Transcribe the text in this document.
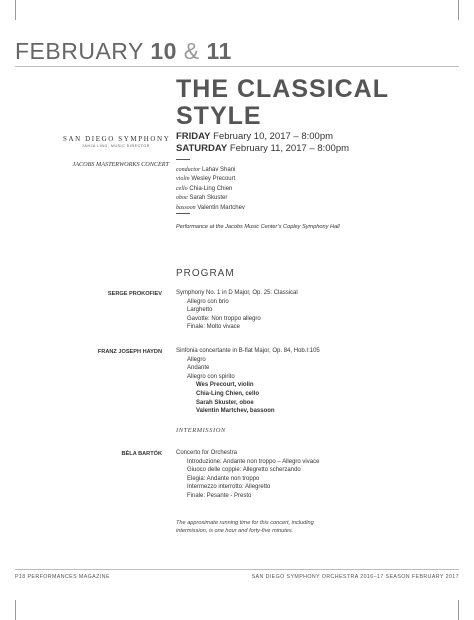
FEBRUARY 10 & 11
THE CLASSICAL
STYLE
SAN DIEGO SYMPHONY
JAHJA LING, MUSIC DIRECTOR
JACOBS MASTERWORKS CONCERT
FRIDAY February 10, 2017 – 8:00pm
SATURDAY February 11, 2017 – 8:00pm
conductor Lahav Shani
violin Wesley Precourt
cello Chia-Ling Chien
oboe Sarah Skuster
bassoon Valentin Martchev
Performance at the Jacobs Music Center’s Copley Symphony Hall
PROGRAM
SERGE PROKOFIEV Symphony No. 1 in D Major, Op. 25: Classical
Allegro con brio
Larghetto
Gavotte: Non troppo allegro
Finale: Molto vivace
FRANZ JOSEPH HAYDN Sinfonia concertante in B-flat Major, Op. 84, Hob.I:105
Allegro
Andante
Allegro con spirito
Wes Precourt, violin
Chia-Ling Chien, cello
Sarah Skuster, oboe
Valentin Martchev, bassoon
INTERMISSION
BÉLA BARTÓK Concerto for Orchestra
Introduzione: Andante non troppo – Allegro vivace
Giuoco delle coppie: Allegretto scherzando
Elegia: Andante non troppo
Intermezzo interrotto: Allegretto
Finale: Pesante - Presto
The approximate running time for this concert, including
intermission, is one hour and forty-five minutes.
P18 PERFORMANCES MAGAZINE	SAN DIEGO SYMPHONY ORCHESTRA 2016–17 SEASON FEBRUARY 2017
